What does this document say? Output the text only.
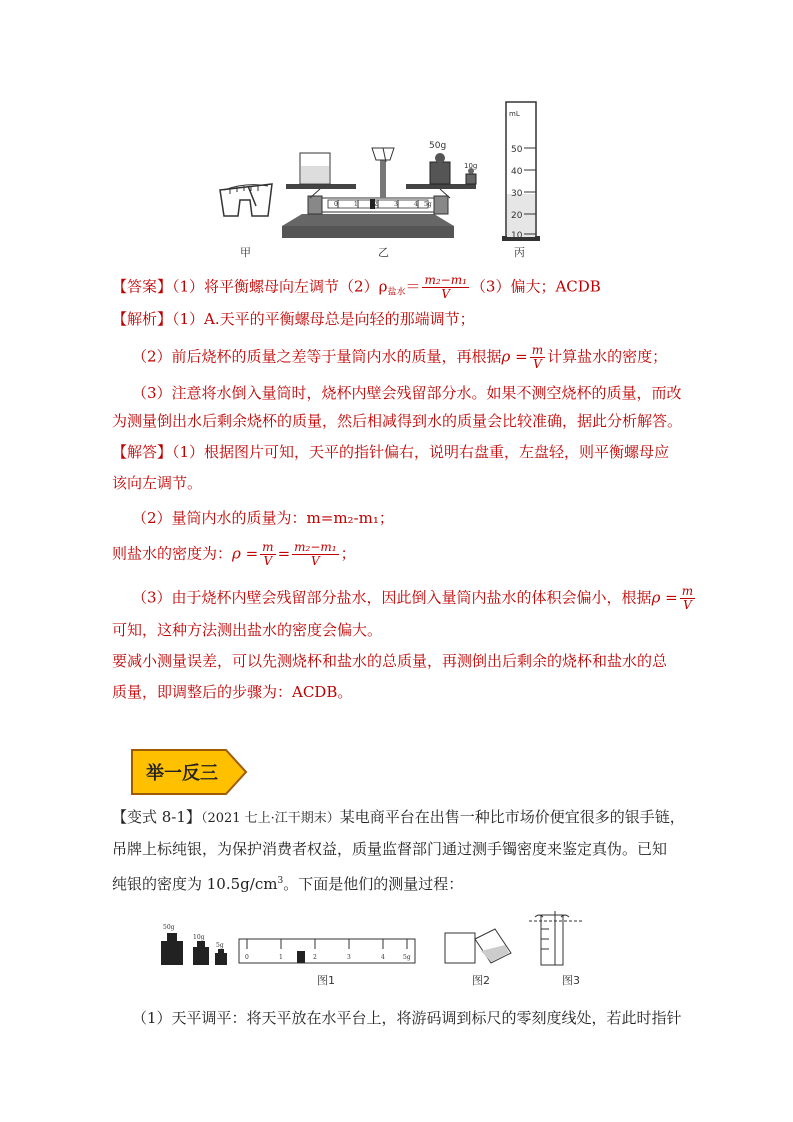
50g
10g
0	1	2	3	4 5g
mL
50
40
30
20
10
甲	乙	丙
【答案】（1）将平衡螺母向左调节$(2)\rho_{盐水}= \frac{\text{m₂−m₁}}{V} (3)$偏大；ACDB
【解析】（1）A.天平的平衡螺母总是向轻的那端调节；
（2）前后烧杯的质量之差等于量筒内水的质量，再根据$\rho = \frac{m}{V}$ 计算盐水的密度；
（3）注意将水倒入量筒时，烧杯内壁会残留部分水。如果不测空烧杯的质量，而改
为测量倒出水后剩余烧杯的质量，然后相减得到水的质量会比较准确，据此分析解答。
【解答】（1）根据图片可知，天平的指针偏右，说明右盘重，左盘轻，则平衡螺母应
该向左调节。
（2）量筒内水的质量为：m=m₂-m₁；
则盐水的密度为：$\rho = \frac{m}{V} = \frac{\text{m₂−m₁}}{V}$ ；
（3）由于烧杯内壁会残留部分盐水，因此倒入量筒内盐水的体积会偏小，根据$\rho = \frac{m}{V}$
可知，这种方法测出盐水的密度会偏大。
要减小测量误差，可以先测烧杯和盐水的总质量，再测倒出后剩余的烧杯和盐水的总
质量，即调整后的步骤为：ACDB。
举一反三
【变式 8-1】（2021 七上·江干期末）某电商平台在出售一种比市场价便宜很多的银手链，
吊牌上标纯银，为保护消费者权益，质量监督部门通过测手镯密度来鉴定真伪。已知
纯银的密度为 $10.5g/cm^3$。下面是他们的测量过程：
50g
10g
5g
0	1	2	3	4	5g
图1	图2	图3
（1）天平调平：将天平放在水平台上，将游码调到标尺的零刻度线处，若此时指针
